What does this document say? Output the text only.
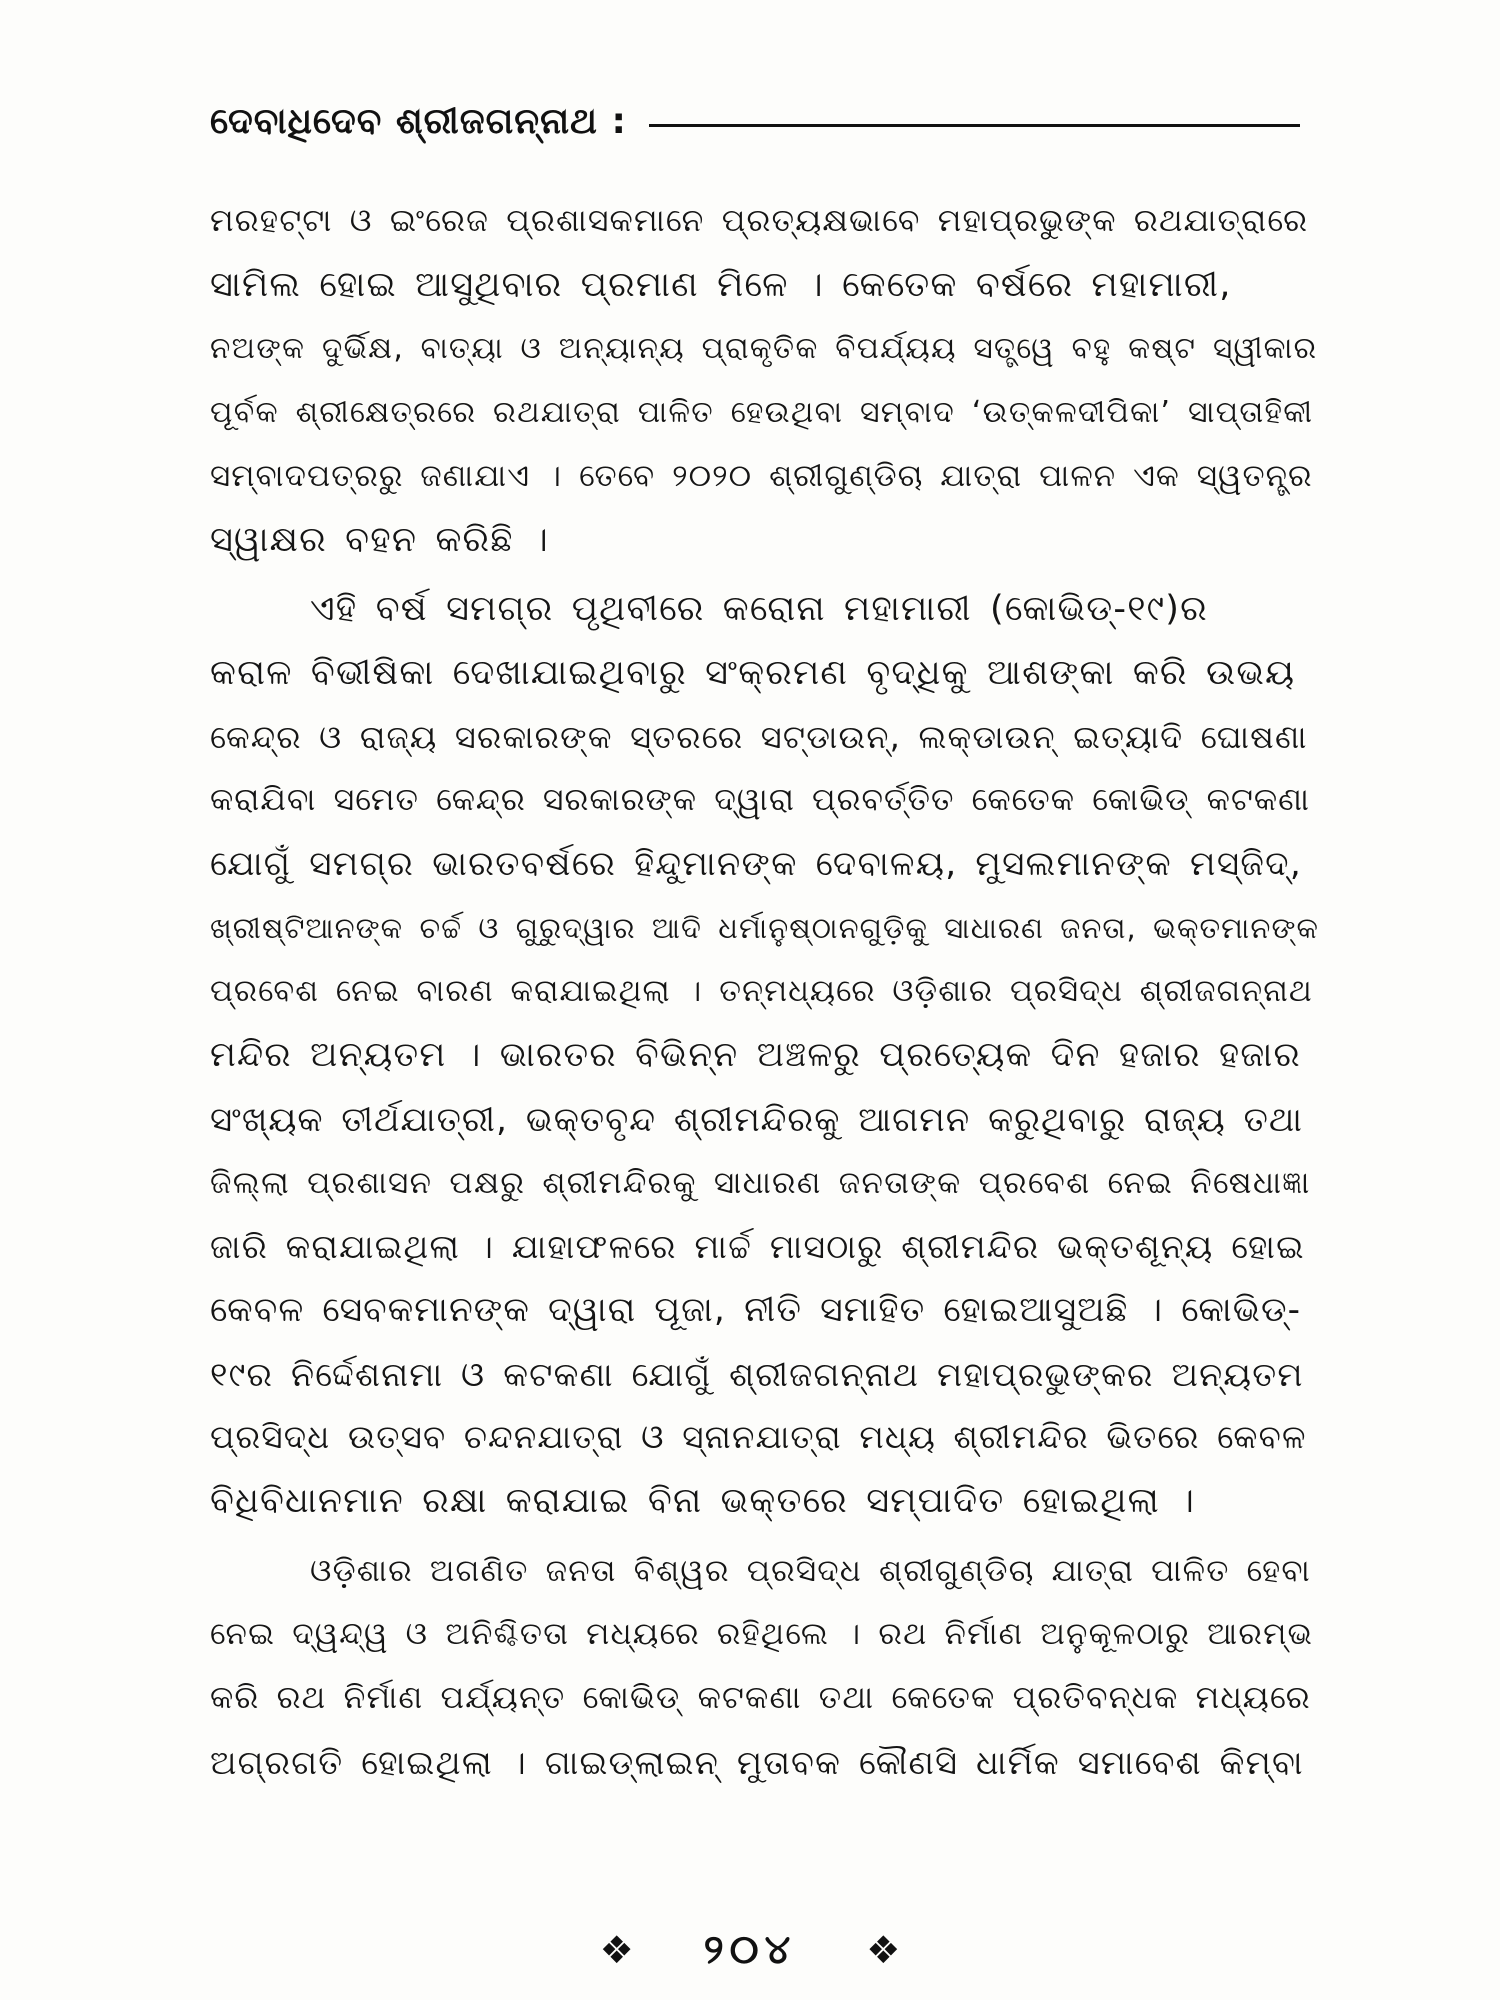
ଦେବାଧିଦେବ ଶ୍ରୀଜଗନ୍ନାଥ :
ମରହଟ୍ଟା ଓ ଇଂରେଜ ପ୍ରଶାସକମାନେ ପ୍ରତ୍ୟକ୍ଷଭାବେ ମହାପ୍ରଭୁଙ୍କ ରଥଯାତ୍ରାରେ
ସାମିଲ ହୋଇ ଆସୁଥିବାର ପ୍ରମାଣ ମିଳେ । କେତେକ ବର୍ଷରେ ମହାମାରୀ,
ନଅଙ୍କ ଦୁର୍ଭିକ୍ଷ, ବାତ୍ୟା ଓ ଅନ୍ୟାନ୍ୟ ପ୍ରାକୃତିକ ବିପର୍ଯ୍ୟୟ ସତ୍ତ୍ୱେ ବହୁ କଷ୍ଟ ସ୍ୱୀକାର
ପୂର୍ବକ ଶ୍ରୀକ୍ଷେତ୍ରରେ ରଥଯାତ୍ରା ପାଳିତ ହେଉଥିବା ସମ୍ବାଦ ‘ଉତ୍କଳଦୀପିକା’ ସାପ୍ତାହିକୀ
ସମ୍ବାଦପତ୍ରରୁ ଜଣାଯାଏ । ତେବେ ୨୦୨୦ ଶ୍ରୀଗୁଣ୍ଡିଚା ଯାତ୍ରା ପାଳନ ଏକ ସ୍ୱତନ୍ତ୍ର
ସ୍ୱାକ୍ଷର ବହନ କରିଛି ।
ଏହି ବର୍ଷ ସମଗ୍ର ପୃଥିବୀରେ କରୋନା ମହାମାରୀ (କୋଭିଡ୍-୧୯)ର
କରାଳ ବିଭୀଷିକା ଦେଖାଯାଇଥିବାରୁ ସଂକ୍ରମଣ ବୃଦ୍ଧିକୁ ଆଶଙ୍କା କରି ଉଭୟ
କେନ୍ଦ୍ର ଓ ରାଜ୍ୟ ସରକାରଙ୍କ ସ୍ତରରେ ସଟ୍‌ଡାଉନ୍, ଲକ୍‌ଡାଉନ୍ ଇତ୍ୟାଦି ଘୋଷଣା
କରାଯିବା ସମେତ କେନ୍ଦ୍ର ସରକାରଙ୍କ ଦ୍ୱାରା ପ୍ରବର୍ତ୍ତିତ କେତେକ କୋଭିଡ୍ କଟକଣା
ଯୋଗୁଁ ସମଗ୍ର ଭାରତବର୍ଷରେ ହିନ୍ଦୁମାନଙ୍କ ଦେବାଳୟ, ମୁସଲମାନଙ୍କ ମସ୍‌ଜିଦ୍,
ଖ୍ରୀଷ୍ଟିଆନଙ୍କ ଚର୍ଚ୍ଚ ଓ ଗୁରୁଦ୍ୱାର ଆଦି ଧର୍ମାନୁଷ୍ଠାନଗୁଡ଼ିକୁ ସାଧାରଣ ଜନତା, ଭକ୍ତମାନଙ୍କ
ପ୍ରବେଶ ନେଇ ବାରଣ କରାଯାଇଥିଲା । ତନ୍ମଧ୍ୟରେ ଓଡ଼ିଶାର ପ୍ରସିଦ୍ଧ ଶ୍ରୀଜଗନ୍ନାଥ
ମନ୍ଦିର ଅନ୍ୟତମ । ଭାରତର ବିଭିନ୍ନ ଅଞ୍ଚଳରୁ ପ୍ରତ୍ୟେକ ଦିନ ହଜାର ହଜାର
ସଂଖ୍ୟକ ତୀର୍ଥଯାତ୍ରୀ, ଭକ୍ତବୃନ୍ଦ ଶ୍ରୀମନ୍ଦିରକୁ ଆଗମନ କରୁଥିବାରୁ ରାଜ୍ୟ ତଥା
ଜିଲ୍ଲା ପ୍ରଶାସନ ପକ୍ଷରୁ ଶ୍ରୀମନ୍ଦିରକୁ ସାଧାରଣ ଜନତାଙ୍କ ପ୍ରବେଶ ନେଇ ନିଷେଧାଜ୍ଞା
ଜାରି କରାଯାଇଥିଲା । ଯାହାଫଳରେ ମାର୍ଚ୍ଚ ମାସଠାରୁ ଶ୍ରୀମନ୍ଦିର ଭକ୍ତଶୂନ୍ୟ ହୋଇ
କେବଳ ସେବକମାନଙ୍କ ଦ୍ୱାରା ପୂଜା, ନୀତି ସମାହିତ ହୋଇଆସୁଅଛି । କୋଭିଡ୍-
୧୯ର ନିର୍ଦ୍ଦେଶନାମା ଓ କଟକଣା ଯୋଗୁଁ ଶ୍ରୀଜଗନ୍ନାଥ ମହାପ୍ରଭୁଙ୍କର ଅନ୍ୟତମ
ପ୍ରସିଦ୍ଧ ଉତ୍ସବ ଚନ୍ଦନଯାତ୍ରା ଓ ସ୍ନାନଯାତ୍ରା ମଧ୍ୟ ଶ୍ରୀମନ୍ଦିର ଭିତରେ କେବଳ
ବିଧିବିଧାନମାନ ରକ୍ଷା କରାଯାଇ ବିନା ଭକ୍ତରେ ସମ୍ପାଦିତ ହୋଇଥିଲା ।
ଓଡ଼ିଶାର ଅଗଣିତ ଜନତା ବିଶ୍ୱର ପ୍ରସିଦ୍ଧ ଶ୍ରୀଗୁଣ୍ଡିଚା ଯାତ୍ରା ପାଳିତ ହେବା
ନେଇ ଦ୍ୱନ୍ଦ୍ୱ ଓ ଅନିଶ୍ଚିତତା ମଧ୍ୟରେ ରହିଥିଲେ । ରଥ ନିର୍ମାଣ ଅନୁକୂଳଠାରୁ ଆରମ୍ଭ
କରି ରଥ ନିର୍ମାଣ ପର୍ଯ୍ୟନ୍ତ କୋଭିଡ୍ କଟକଣା ତଥା କେତେକ ପ୍ରତିବନ୍ଧକ ମଧ୍ୟରେ
ଅଗ୍ରଗତି ହୋଇଥିଲା । ଗାଇଡ୍‌ଲାଇନ୍ ମୁତାବକ କୌଣସି ଧାର୍ମିକ ସମାବେଶ କିମ୍ବା
❖ ୨୦୪ ❖
